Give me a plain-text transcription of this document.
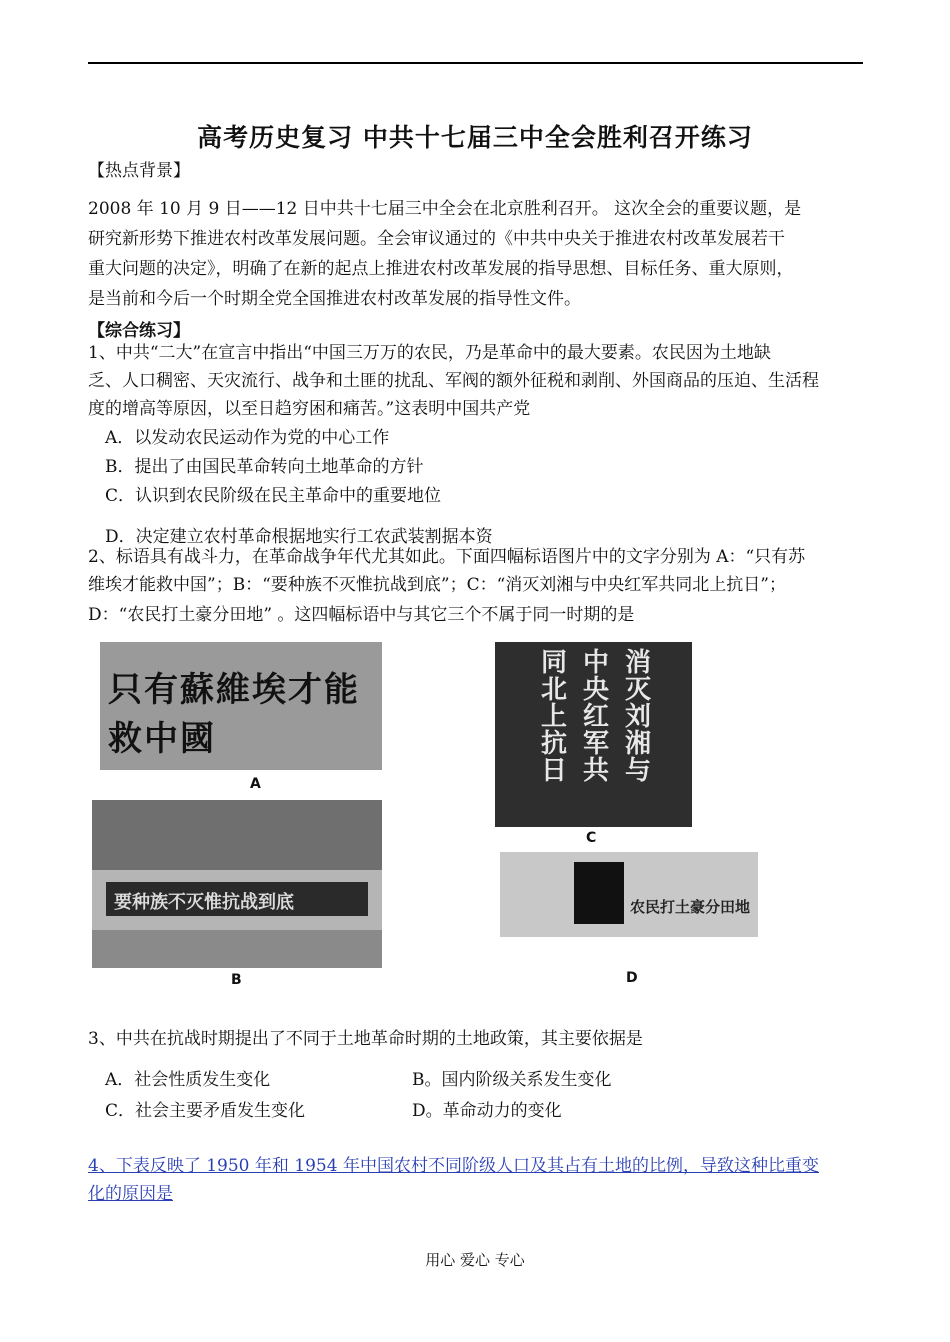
高考历史复习 中共十七届三中全会胜利召开练习
【热点背景】
2008 年 10 月 9 日——12 日中共十七届三中全会在北京胜利召开。 这次全会的重要议题，是
研究新形势下推进农村改革发展问题。全会审议通过的《中共中央关于推进农村改革发展若干
重大问题的决定》，明确了在新的起点上推进农村改革发展的指导思想、目标任务、重大原则，
是当前和今后一个时期全党全国推进农村改革发展的指导性文件。
【综合练习】
1、中共“二大”在宣言中指出“中国三万万的农民，乃是革命中的最大要素。农民因为土地缺
乏、人口稠密、天灾流行、战争和土匪的扰乱、军阀的额外征税和剥削、外国商品的压迫、生活程
度的增高等原因，以至日趋穷困和痛苦。”这表明中国共产党
A．以发动农民运动作为党的中心工作
B．提出了由国民革命转向土地革命的方针
C．认识到农民阶级在民主革命中的重要地位
D．决定建立农村革命根据地实行工农武装割据本资
2、标语具有战斗力，在革命战争年代尤其如此。下面四幅标语图片中的文字分别为 A：“只有苏
维埃才能救中国”；B：“要种族不灭惟抗战到底”；C：“消灭刘湘与中央红军共同北上抗日”；
D：“农民打土豪分田地” 。这四幅标语中与其它三个不属于同一时期的是
只有蘇維埃才能救中國
A
要种族不灭惟抗战到底
B
消灭刘湘与
中央红军共
同北上抗日
C
农民打土豪分田地
D
3、中共在抗战时期提出了不同于土地革命时期的土地政策，其主要依据是
A．社会性质发生变化	B。国内阶级关系发生变化
C．社会主要矛盾发生变化	D。革命动力的变化
4、下表反映了 1950 年和 1954 年中国农村不同阶级人口及其占有土地的比例，导致这种比重变
化的原因是
用心 爱心 专心
